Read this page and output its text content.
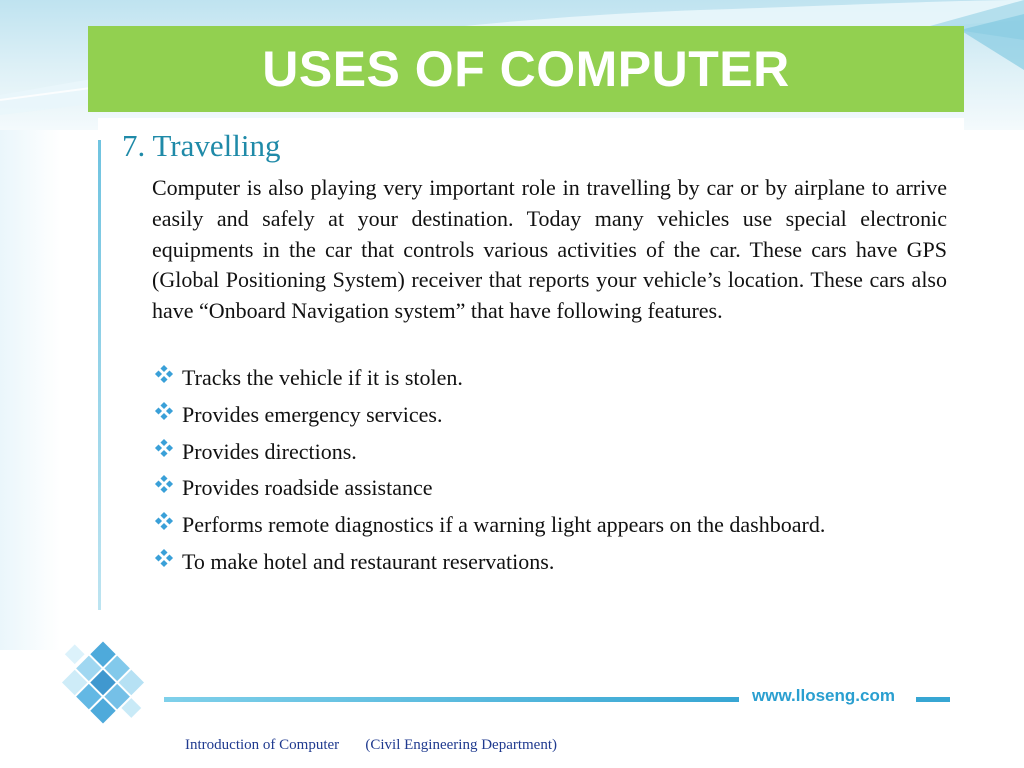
USES OF COMPUTER
7. Travelling
Computer is also playing very important role in travelling by car or by airplane to arrive easily and safely at your destination. Today many vehicles use special electronic equipments in the car that controls various activities of the car. These cars have GPS (Global Positioning System) receiver that reports your vehicle’s location. These cars also have “Onboard Navigation system” that have following features.
Tracks the vehicle if it is stolen.
Provides emergency services.
Provides directions.
Provides roadside assistance
Performs remote diagnostics if a warning light appears on the dashboard.
To make hotel and restaurant reservations.
www.lloseng.com
Introduction of Computer       (Civil Engineering Department)
